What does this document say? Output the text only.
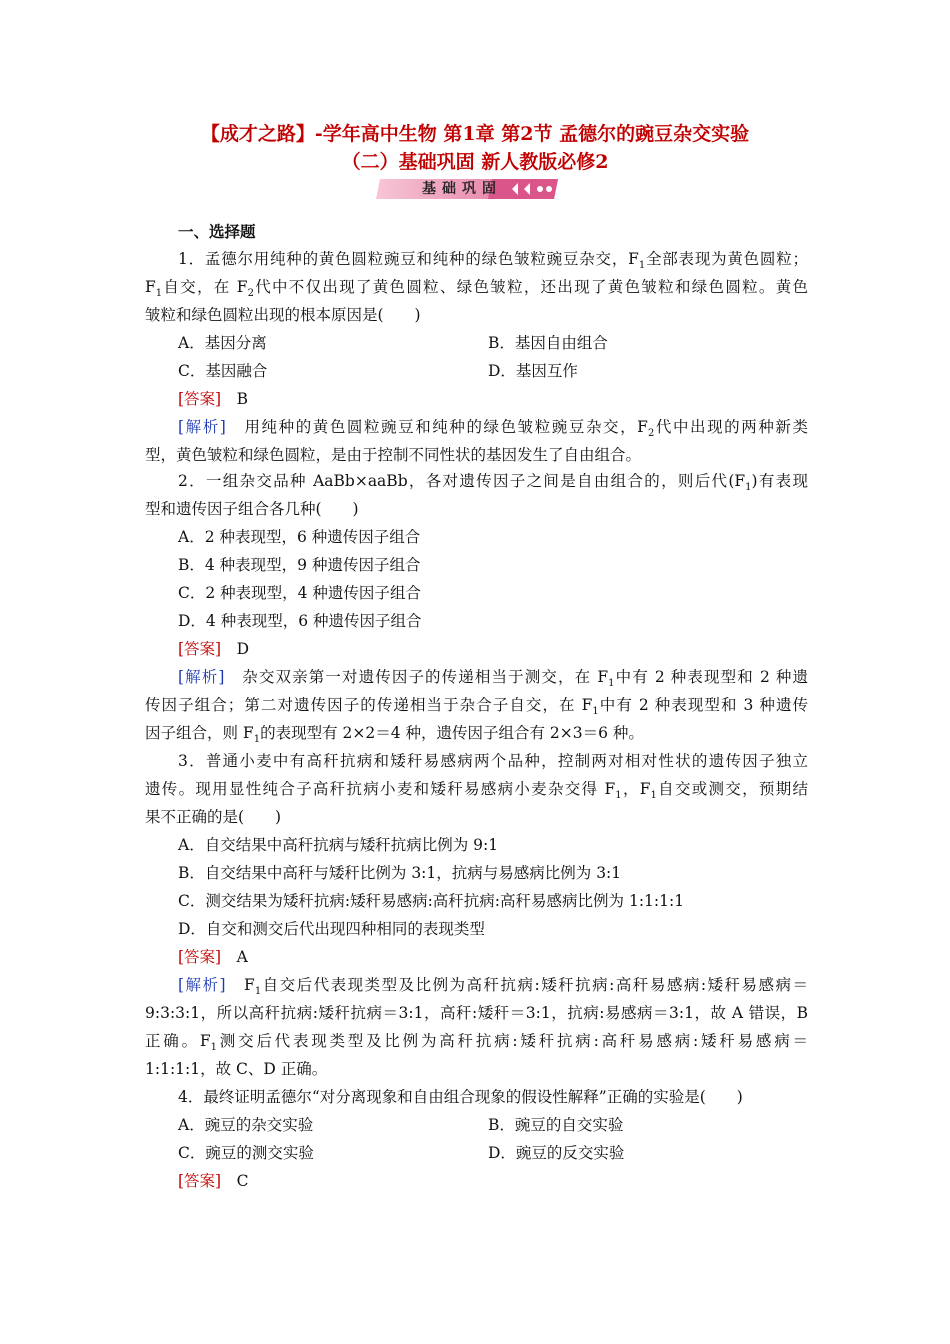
【成才之路】-学年高中生物 第1章 第2节 孟德尔的豌豆杂交实验
（二）基础巩固 新人教版必修2
基础巩固
一、选择题
1．孟德尔用纯种的黄色圆粒豌豆和纯种的绿色皱粒豌豆杂交，$F_1$全部表现为黄色圆粒；
$F_1$自交，在 $F_2$代中不仅出现了黄色圆粒、绿色皱粒，还出现了黄色皱粒和绿色圆粒。黄色
皱粒和绿色圆粒出现的根本原因是(　　)
A．基因分离	B．基因自由组合
C．基因融合	D．基因互作
[答案]　 B
[解析]　 用纯种的黄色圆粒豌豆和纯种的绿色皱粒豌豆杂交，$F_2$代中出现的两种新类
型，黄色皱粒和绿色圆粒，是由于控制不同性状的基因发生了自由组合。
2．一组杂交品种 AaBb×aaBb，各对遗传因子之间是自由组合的，则后代$(F_1)$有表现
型和遗传因子组合各几种(　　)
A．2 种表现型，6 种遗传因子组合
B．4 种表现型，9 种遗传因子组合
C．2 种表现型，4 种遗传因子组合
D．4 种表现型，6 种遗传因子组合
[答案]　 D
[解析]　 杂交双亲第一对遗传因子的传递相当于测交，在 $F_1$中有 2 种表现型和 2 种遗
传因子组合；第二对遗传因子的传递相当于杂合子自交，在 $F_1$中有 2 种表现型和 3 种遗传
因子组合，则 $F_1$的表现型有 2×2＝4 种，遗传因子组合有 2×3＝6 种。
3．普通小麦中有高秆抗病和矮秆易感病两个品种，控制两对相对性状的遗传因子独立
遗传。现用显性纯合子高秆抗病小麦和矮秆易感病小麦杂交得 $F_1$，$F_1$自交或测交，预期结
果不正确的是(　　)
A．自交结果中高秆抗病与矮秆抗病比例为 9:1
B．自交结果中高秆与矮秆比例为 3:1，抗病与易感病比例为 3:1
C．测交结果为矮秆抗病:矮秆易感病:高秆抗病:高秆易感病比例为 1:1:1:1
D．自交和测交后代出现四种相同的表现类型
[答案]　 A
[解析]　 $F_1$自交后代表现类型及比例为高秆抗病:矮秆抗病:高秆易感病:矮秆易感病＝
9:3:3:1，所以高秆抗病:矮秆抗病＝3:1，高秆:矮秆＝3:1，抗病:易感病＝3:1，故 A 错误，B
正确。$F_1$测交后代表现类型及比例为高秆抗病:矮秆抗病:高秆易感病:矮秆易感病＝
1:1:1:1，故 C、D 正确。
4．最终证明孟德尔“对分离现象和自由组合现象的假设性解释”正确的实验是(　　)
A．豌豆的杂交实验	B．豌豆的自交实验
C．豌豆的测交实验	D．豌豆的反交实验
[答案]　 C
